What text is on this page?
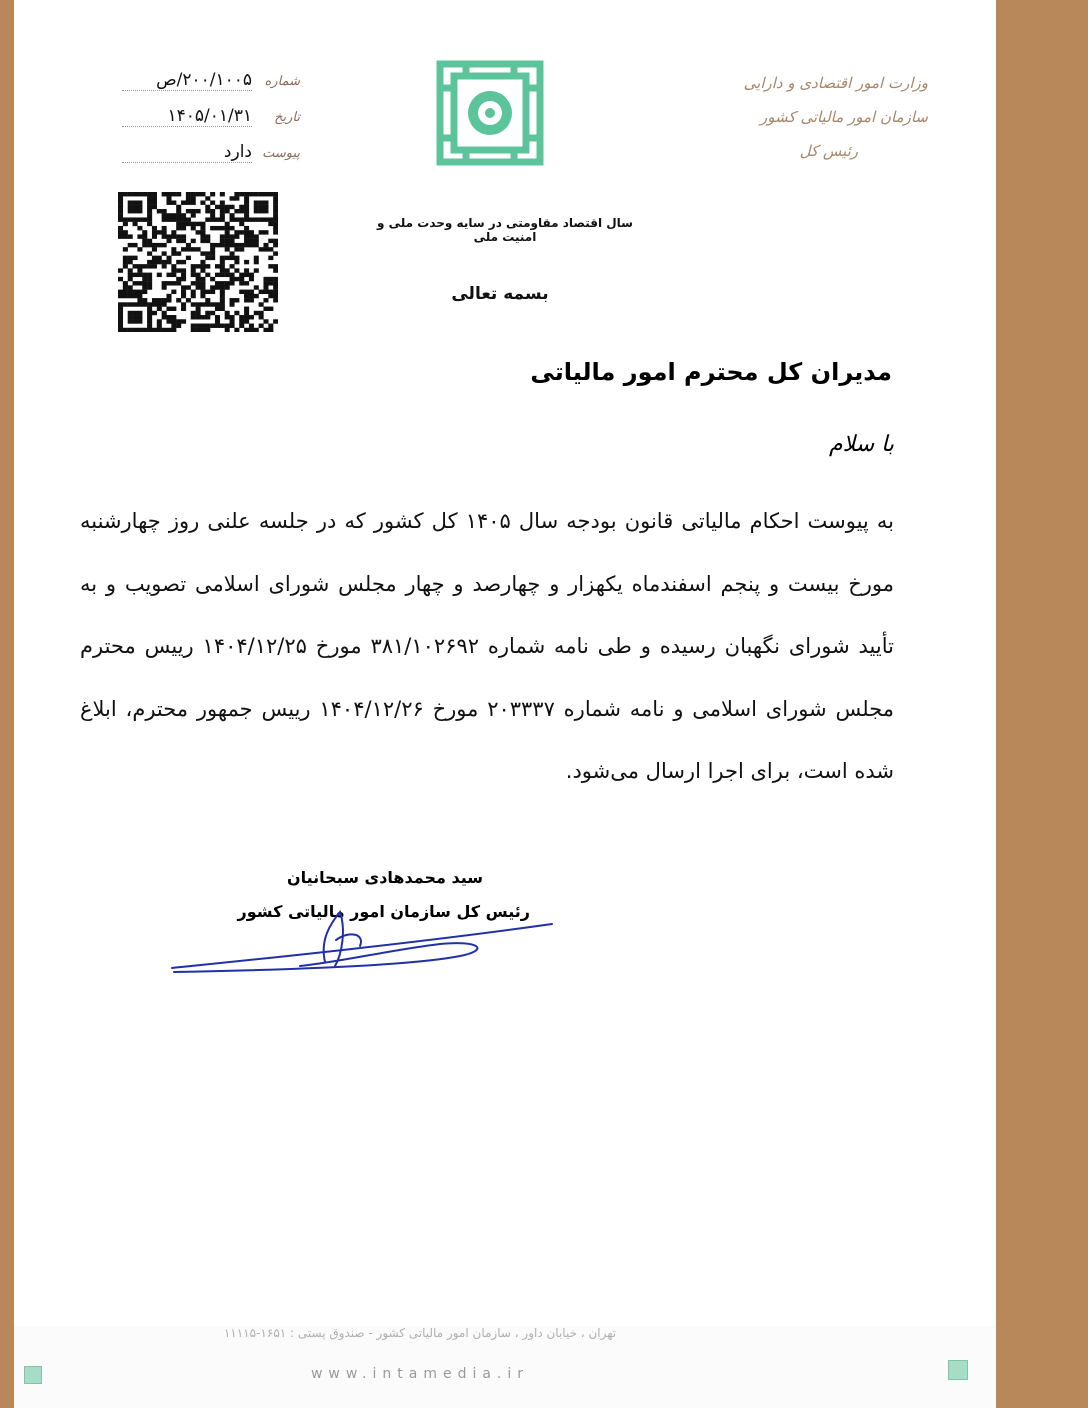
وزارت امور اقتصادی و دارایی
سازمان امور مالیاتی کشور
رئیس کل
سال اقتصاد مقاومتی در سایه وحدت ملی و امنیت ملی
بسمه تعالی
شماره
۲۰۰/۱۰۰۵/ص
تاریخ
۱۴۰۵/۰۱/۳۱
پیوست
دارد
مدیران کل محترم امور مالیاتی
با سلام
به پیوست احکام مالیاتی قانون بودجه سال ۱۴۰۵ کل کشور که در جلسه علنی روز چهارشنبه مورخ بیست و پنجم اسفندماه یکهزار و چهارصد و چهار مجلس شورای اسلامی تصویب و به تأیید شورای نگهبان رسیده و طی نامه شماره ۳۸۱/۱۰۲۶۹۲ مورخ ۱۴۰۴/۱۲/۲۵ رییس محترم مجلس شورای اسلامی و نامه شماره ۲۰۳۳۳۷ مورخ ۱۴۰۴/۱۲/۲۶ رییس جمهور محترم، ابلاغ شده است، برای اجرا ارسال می‌شود.
سید محمدهادی سبحانیان
رئیس کل سازمان امور مالیاتی کشور
تهران ، خیابان داور ، سازمان امور مالیاتی کشور - صندوق پستی : ۱۶۵۱-۱۱۱۱۵
www.intamedia.ir
